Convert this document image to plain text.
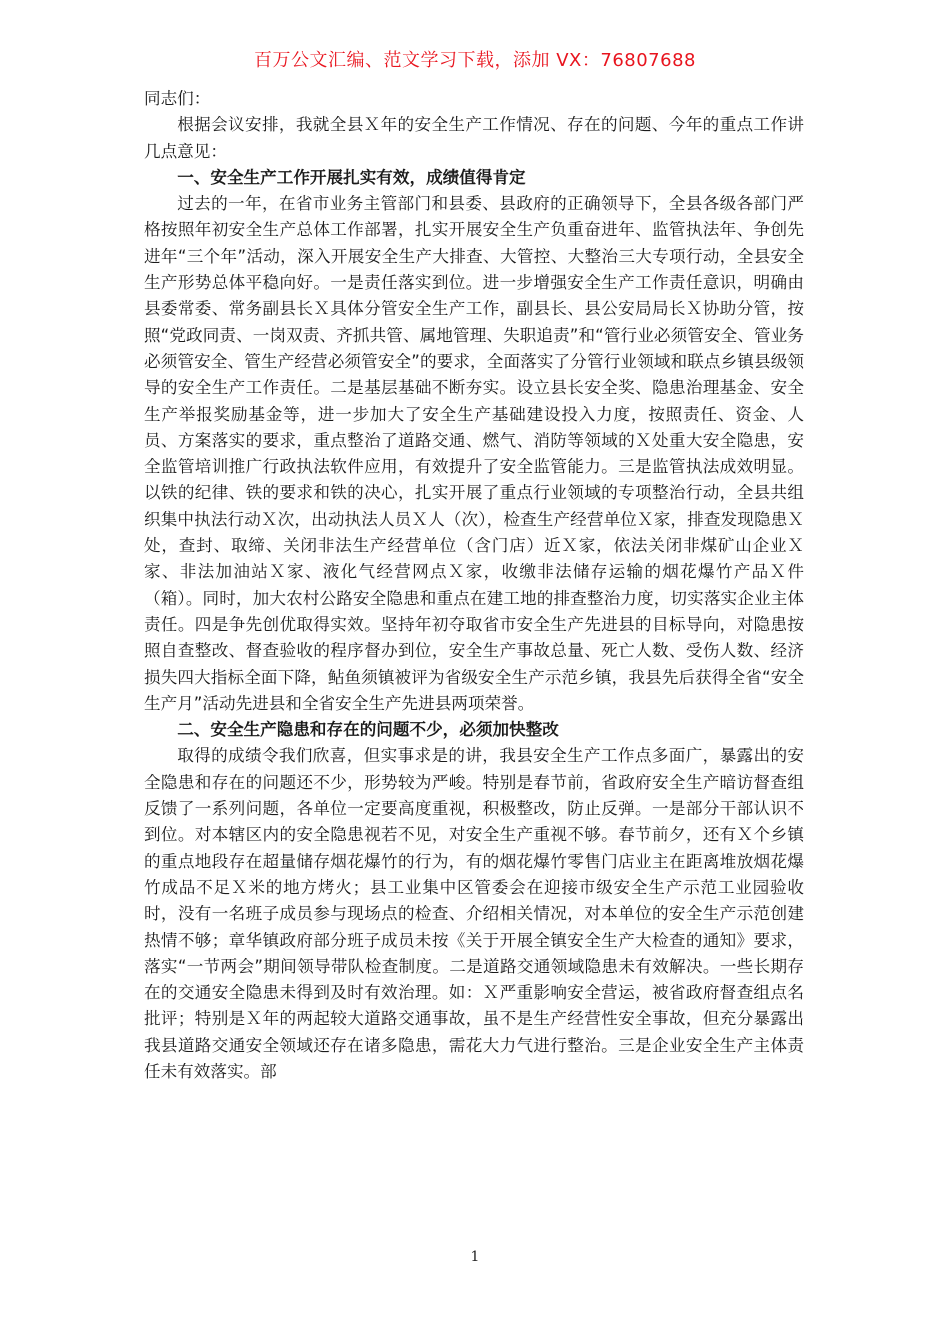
百万公文汇编、范文学习下载，添加 VX：76807688

同志们：

根据会议安排，我就全县Ｘ年的安全生产工作情况、存在的问题、今年的重点工作讲几点意见：

一、安全生产工作开展扎实有效，成绩值得肯定

过去的一年，在省市业务主管部门和县委、县政府的正确领导下，全县各级各部门严格按照年初安全生产总体工作部署，扎实开展安全生产负重奋进年、监管执法年、争创先进年“三个年”活动，深入开展安全生产大排查、大管控、大整治三大专项行动，全县安全生产形势总体平稳向好。一是责任落实到位。进一步增强安全生产工作责任意识，明确由县委常委、常务副县长Ｘ具体分管安全生产工作，副县长、县公安局局长Ｘ协助分管，按照“党政同责、一岗双责、齐抓共管、属地管理、失职追责”和“管行业必须管安全、管业务必须管安全、管生产经营必须管安全”的要求，全面落实了分管行业领域和联点乡镇县级领导的安全生产工作责任。二是基层基础不断夯实。设立县长安全奖、隐患治理基金、安全生产举报奖励基金等，进一步加大了安全生产基础建设投入力度，按照责任、资金、人员、方案落实的要求，重点整治了道路交通、燃气、消防等领域的Ｘ处重大安全隐患，安全监管培训推广行政执法软件应用，有效提升了安全监管能力。三是监管执法成效明显。以铁的纪律、铁的要求和铁的决心，扎实开展了重点行业领域的专项整治行动，全县共组织集中执法行动Ｘ次，出动执法人员Ｘ人（次），检查生产经营单位Ｘ家，排查发现隐患Ｘ处，查封、取缔、关闭非法生产经营单位（含门店）近Ｘ家，依法关闭非煤矿山企业Ｘ家、非法加油站Ｘ家、液化气经营网点Ｘ家，收缴非法储存运输的烟花爆竹产品Ｘ件（箱）。同时，加大农村公路安全隐患和重点在建工地的排查整治力度，切实落实企业主体责任。四是争先创优取得实效。坚持年初夺取省市安全生产先进县的目标导向，对隐患按照自查整改、督查验收的程序督办到位，安全生产事故总量、死亡人数、受伤人数、经济损失四大指标全面下降，鲇鱼须镇被评为省级安全生产示范乡镇，我县先后获得全省“安全生产月”活动先进县和全省安全生产先进县两项荣誉。

二、安全生产隐患和存在的问题不少，必须加快整改

取得的成绩令我们欣喜，但实事求是的讲，我县安全生产工作点多面广，暴露出的安全隐患和存在的问题还不少，形势较为严峻。特别是春节前，省政府安全生产暗访督查组反馈了一系列问题，各单位一定要高度重视，积极整改，防止反弹。一是部分干部认识不到位。对本辖区内的安全隐患视若不见，对安全生产重视不够。春节前夕，还有Ｘ个乡镇的重点地段存在超量储存烟花爆竹的行为，有的烟花爆竹零售门店业主在距离堆放烟花爆竹成品不足Ｘ米的地方烤火；县工业集中区管委会在迎接市级安全生产示范工业园验收时，没有一名班子成员参与现场点的检查、介绍相关情况，对本单位的安全生产示范创建热情不够；章华镇政府部分班子成员未按《关于开展全镇安全生产大检查的通知》要求，落实“一节两会”期间领导带队检查制度。二是道路交通领域隐患未有效解决。一些长期存在的交通安全隐患未得到及时有效治理。如：Ｘ严重影响安全营运，被省政府督查组点名批评；特别是Ｘ年的两起较大道路交通事故，虽不是生产经营性安全事故，但充分暴露出我县道路交通安全领域还存在诸多隐患，需花大力气进行整治。三是企业安全生产主体责任未有效落实。部

1
